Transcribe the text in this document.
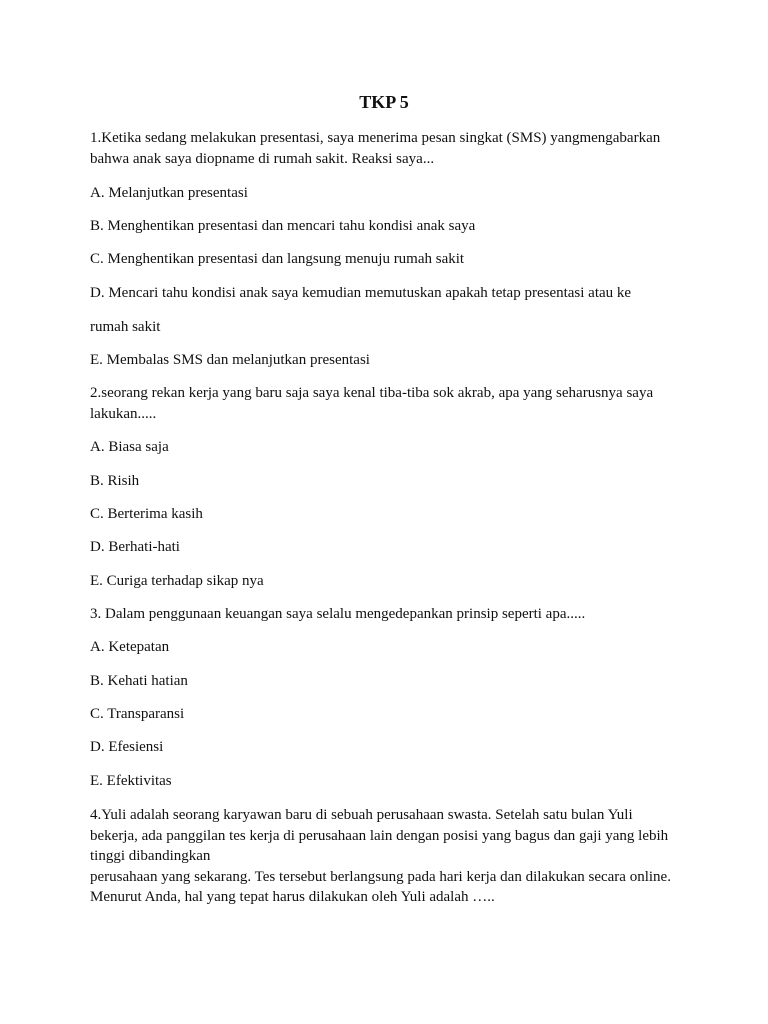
TKP 5
1.Ketika sedang melakukan presentasi, saya menerima pesan singkat (SMS) yangmengabarkan
bahwa anak saya diopname di rumah sakit. Reaksi saya...
A. Melanjutkan presentasi
B. Menghentikan presentasi dan mencari tahu kondisi anak saya
C. Menghentikan presentasi dan langsung menuju rumah sakit
D. Mencari tahu kondisi anak saya kemudian memutuskan apakah tetap presentasi atau ke
rumah sakit
E. Membalas SMS dan melanjutkan presentasi
2.seorang rekan kerja yang baru saja saya kenal tiba-tiba sok akrab, apa yang seharusnya saya
lakukan.....
A. Biasa saja
B. Risih
C. Berterima kasih
D. Berhati-hati
E. Curiga terhadap sikap nya
3. Dalam penggunaan keuangan saya selalu mengedepankan prinsip seperti apa.....
A. Ketepatan
B. Kehati hatian
C. Transparansi
D. Efesiensi
E. Efektivitas
4.Yuli adalah seorang karyawan baru di sebuah perusahaan swasta. Setelah satu bulan Yuli
bekerja, ada panggilan tes kerja di perusahaan lain dengan posisi yang bagus dan gaji yang lebih
tinggi dibandingkan
perusahaan yang sekarang. Tes tersebut berlangsung pada hari kerja dan dilakukan secara online.
Menurut Anda, hal yang tepat harus dilakukan oleh Yuli adalah …..
